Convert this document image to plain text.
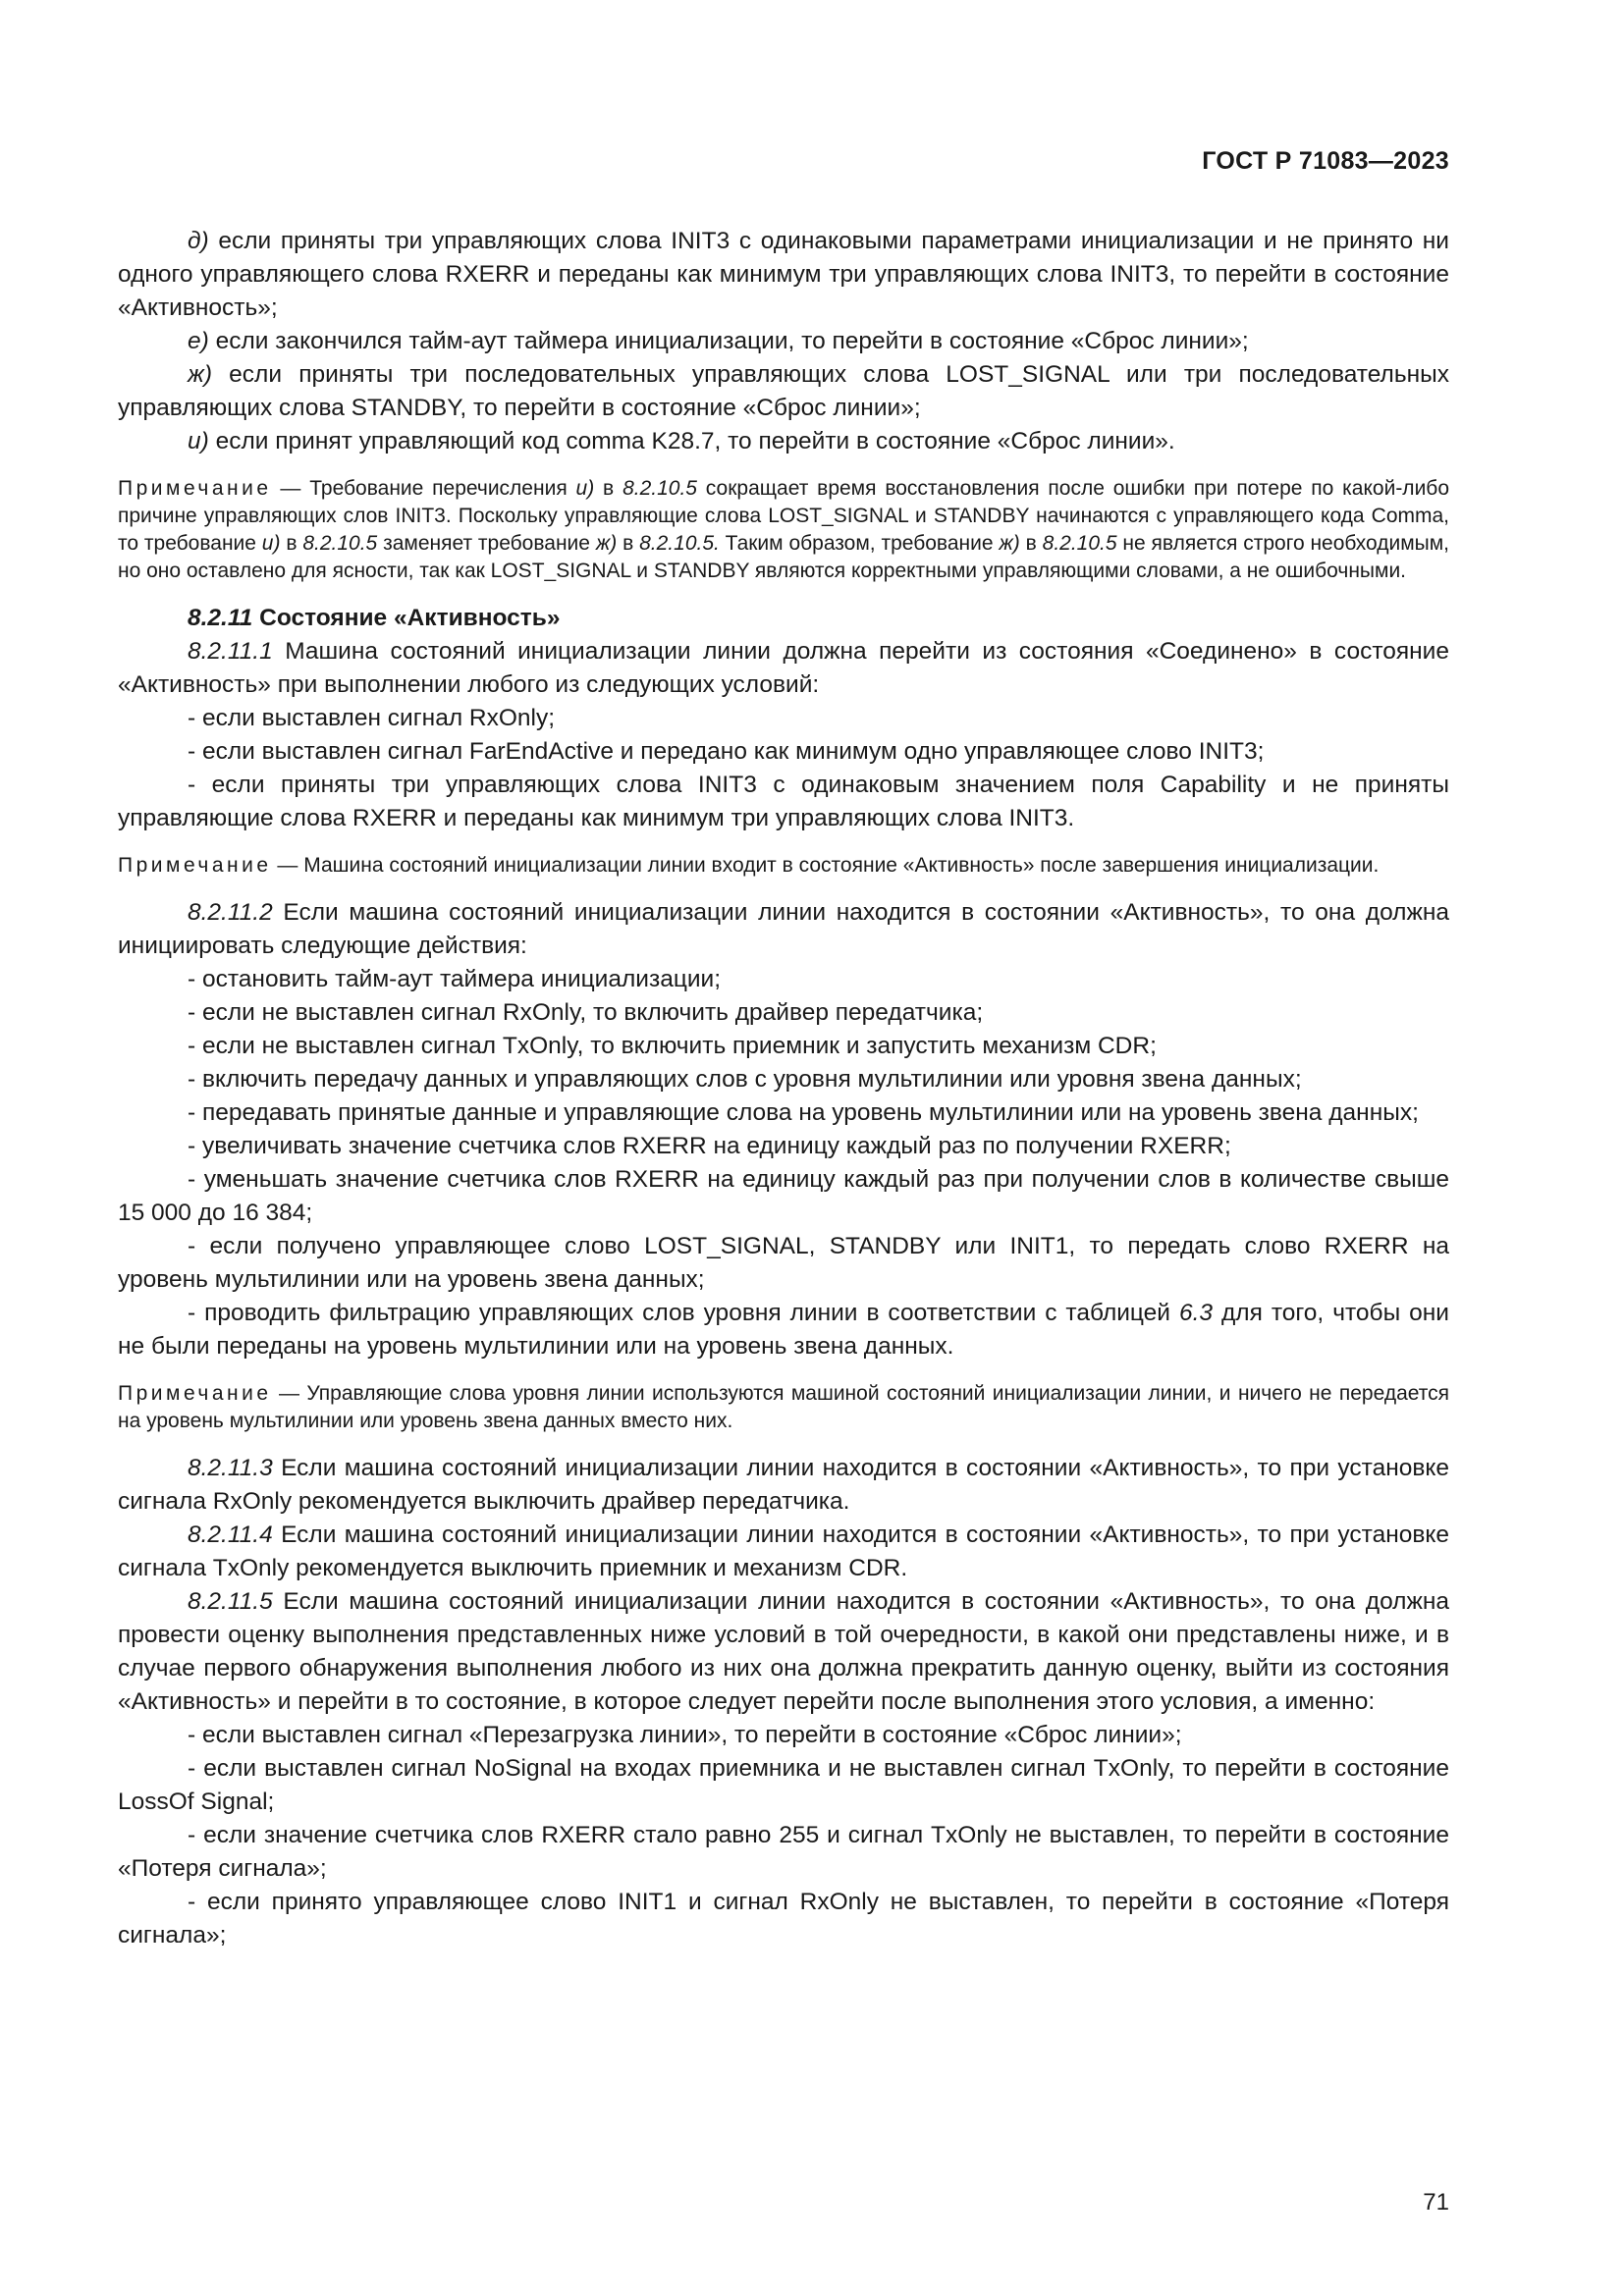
ГОСТ Р 71083—2023

д) если приняты три управляющих слова INIT3 с одинаковыми параметрами инициализации и не принято ни одного управляющего слова RXERR и переданы как минимум три управляющих слова INIT3, то перейти в состояние «Активность»;

е) если закончился тайм-аут таймера инициализации, то перейти в состояние «Сброс линии»;

ж) если приняты три последовательных управляющих слова LOST_SIGNAL или три последовательных управляющих слова STANDBY, то перейти в состояние «Сброс линии»;

и) если принят управляющий код comma K28.7, то перейти в состояние «Сброс линии».

Примечание — Требование перечисления и) в 8.2.10.5 сокращает время восстановления после ошибки при потере по какой-либо причине управляющих слов INIT3. Поскольку управляющие слова LOST_SIGNAL и STANDBY начинаются с управляющего кода Comma, то требование и) в 8.2.10.5 заменяет требование ж) в 8.2.10.5. Таким образом, требование ж) в 8.2.10.5 не является строго необходимым, но оно оставлено для ясности, так как LOST_SIGNAL и STANDBY являются корректными управляющими словами, а не ошибочными.

8.2.11 Состояние «Активность»

8.2.11.1 Машина состояний инициализации линии должна перейти из состояния «Соединено» в состояние «Активность» при выполнении любого из следующих условий:

- если выставлен сигнал RxOnly;

- если выставлен сигнал FarEndActive и передано как минимум одно управляющее слово INIT3;

- если приняты три управляющих слова INIT3 с одинаковым значением поля Capability и не приняты управляющие слова RXERR и переданы как минимум три управляющих слова INIT3.

Примечание — Машина состояний инициализации линии входит в состояние «Активность» после завершения инициализации.

8.2.11.2 Если машина состояний инициализации линии находится в состоянии «Активность», то она должна инициировать следующие действия:

- остановить тайм-аут таймера инициализации;

- если не выставлен сигнал RxOnly, то включить драйвер передатчика;

- если не выставлен сигнал TxOnly, то включить приемник и запустить механизм CDR;

- включить передачу данных и управляющих слов с уровня мультилинии или уровня звена данных;

- передавать принятые данные и управляющие слова на уровень мультилинии или на уровень звена данных;

- увеличивать значение счетчика слов RXERR на единицу каждый раз по получении RXERR;

- уменьшать значение счетчика слов RXERR на единицу каждый раз при получении слов в количестве свыше 15 000 до 16 384;

- если получено управляющее слово LOST_SIGNAL, STANDBY или INIT1, то передать слово RXERR на уровень мультилинии или на уровень звена данных;

- проводить фильтрацию управляющих слов уровня линии в соответствии с таблицей 6.3 для того, чтобы они не были переданы на уровень мультилинии или на уровень звена данных.

Примечание — Управляющие слова уровня линии используются машиной состояний инициализации линии, и ничего не передается на уровень мультилинии или уровень звена данных вместо них.

8.2.11.3 Если машина состояний инициализации линии находится в состоянии «Активность», то при установке сигнала RxOnly рекомендуется выключить драйвер передатчика.

8.2.11.4 Если машина состояний инициализации линии находится в состоянии «Активность», то при установке сигнала TxOnly рекомендуется выключить приемник и механизм CDR.

8.2.11.5 Если машина состояний инициализации линии находится в состоянии «Активность», то она должна провести оценку выполнения представленных ниже условий в той очередности, в какой они представлены ниже, и в случае первого обнаружения выполнения любого из них она должна прекратить данную оценку, выйти из состояния «Активность» и перейти в то состояние, в которое следует перейти после выполнения этого условия, а именно:

- если выставлен сигнал «Перезагрузка линии», то перейти в состояние «Сброс линии»;

- если выставлен сигнал NoSignal на входах приемника и не выставлен сигнал TxOnly, то перейти в состояние LossOf Signal;

- если значение счетчика слов RXERR стало равно 255 и сигнал TxOnly не выставлен, то перейти в состояние «Потеря сигнала»;

- если принято управляющее слово INIT1 и сигнал RxOnly не выставлен, то перейти в состояние «Потеря сигнала»;

71
